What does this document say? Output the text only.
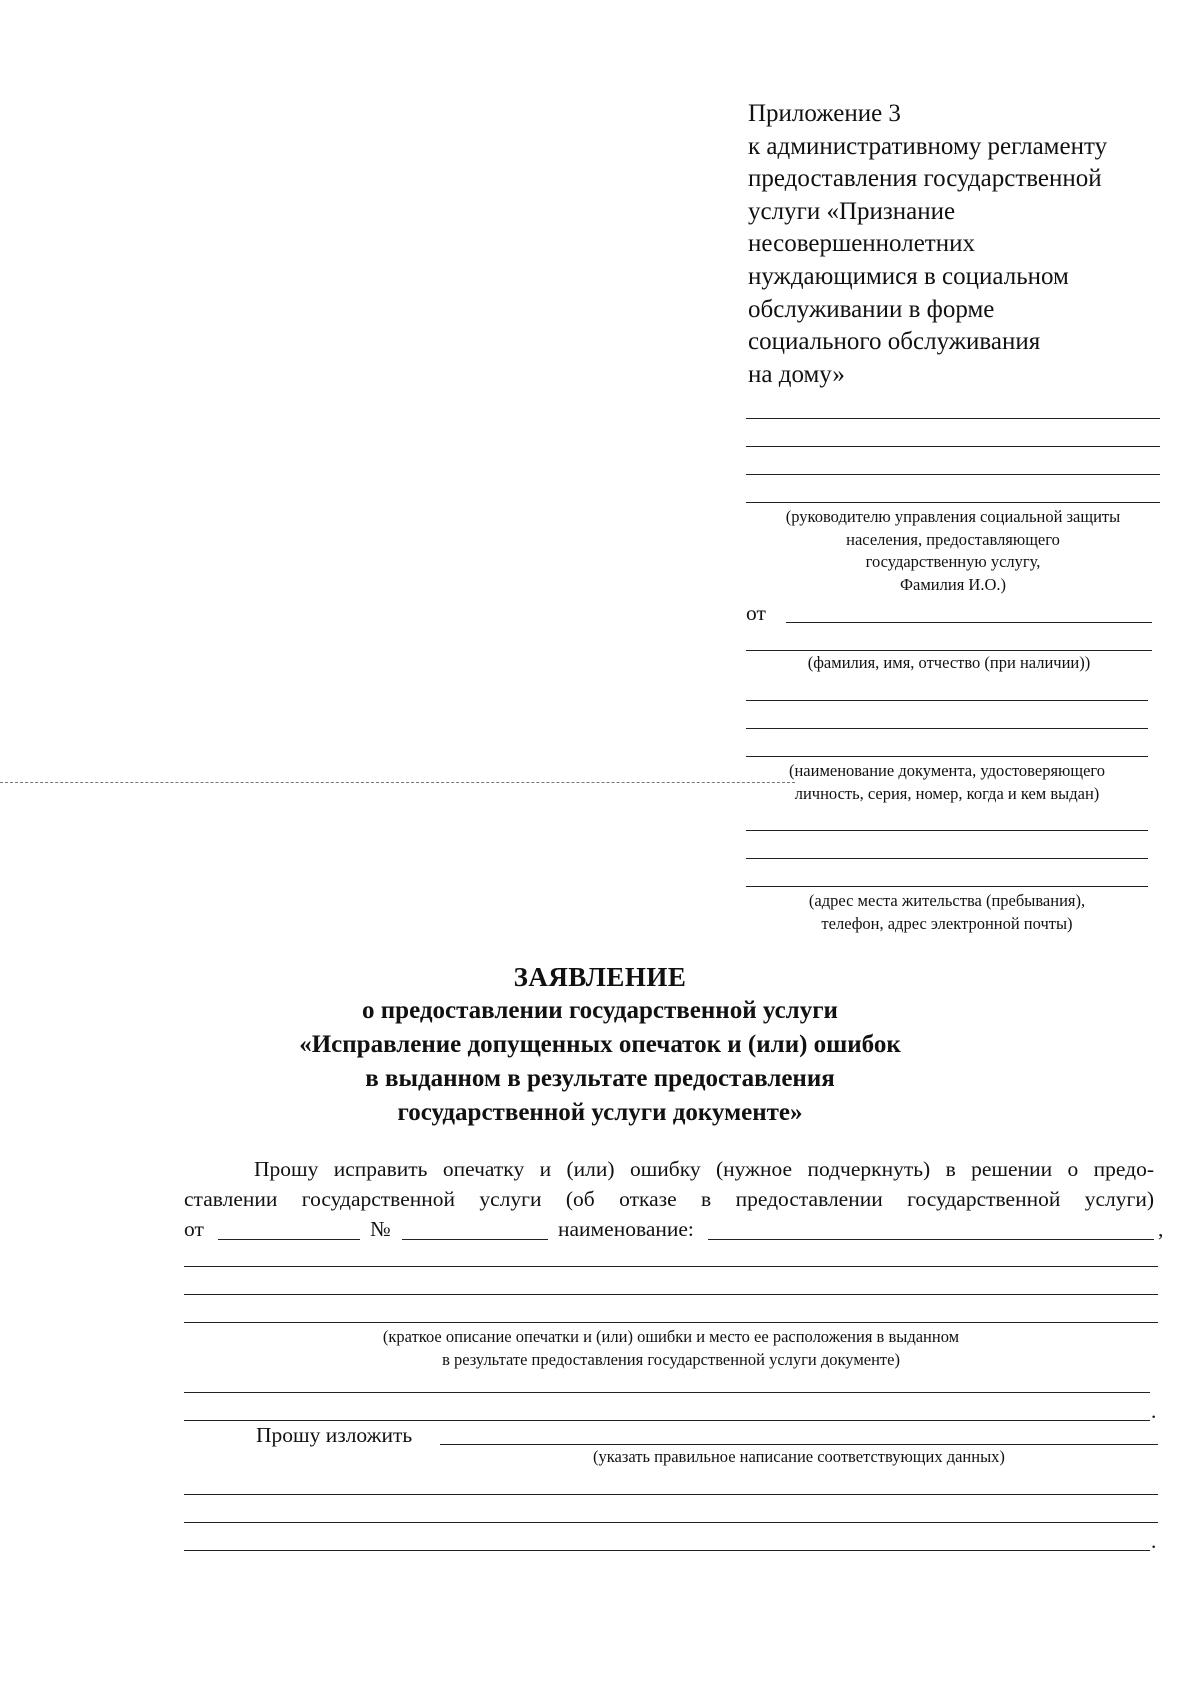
Приложение 3
к административному регламенту
предоставления государственной
услуги «Признание
несовершеннолетних
нуждающимися в социальном
обслуживании в форме
социального обслуживания
на дому»
(руководителю управления социальной защиты
населения, предоставляющего
государственную услугу,
Фамилия И.О.)
от
(фамилия, имя, отчество (при наличии))
(наименование документа, удостоверяющего
личность, серия, номер, когда и кем выдан)
(адрес места жительства (пребывания),
телефон, адрес электронной почты)
ЗАЯВЛЕНИЕ
о предоставлении государственной услуги
«Исправление допущенных опечаток и (или) ошибок
в выданном в результате предоставления
государственной услуги документе»
Прошу исправить опечатку и (или) ошибку (нужное подчеркнуть) в решении о предо-
ставлении государственной услуги (об отказе в предоставлении государственной услуги)
от	№	наименование:	,
(краткое описание опечатки и (или) ошибки и место ее расположения в выданном
в результате предоставления государственной услуги документе)
.
Прошу изложить
(указать правильное написание соответствующих данных)
.
